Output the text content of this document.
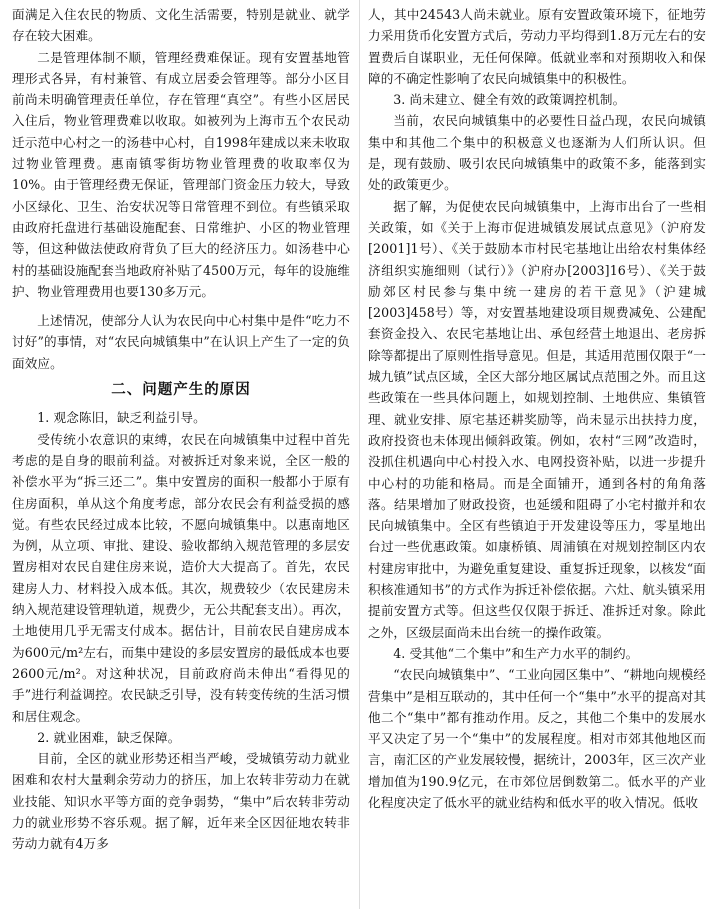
面满足入住农民的物质、文化生活需要，特别是就业、就学存在较大困难。

二是管理体制不顺，管理经费难保证。现有安置基地管理形式各异，有村兼管、有成立居委会管理等。部分小区目前尚未明确管理责任单位，存在管理“真空”。有些小区居民入住后，物业管理费难以收取。如被列为上海市五个农民动迁示范中心村之一的汤巷中心村，自1998年建成以来未收取过物业管理费。惠南镇零街坊物业管理费的收取率仅为10%。由于管理经费无保证，管理部门资金压力较大，导致小区绿化、卫生、治安状况等日常管理不到位。有些镇采取由政府托盘进行基础设施配套、日常维护、小区的物业管理等，但这种做法使政府背负了巨大的经济压力。如汤巷中心村的基础设施配套当地政府补贴了4500万元，每年的设施维护、物业管理费用也要130多万元。

上述情况，使部分人认为农民向中心村集中是件“吃力不讨好”的事情，对“农民向城镇集中”在认识上产生了一定的负面效应。

二、问题产生的原因

1. 观念陈旧，缺乏利益引导。

受传统小农意识的束缚，农民在向城镇集中过程中首先考虑的是自身的眼前利益。对被拆迁对象来说，全区一般的补偿水平为“拆三还二”。集中安置房的面积一般都小于原有住房面积，单从这个角度考虑，部分农民会有利益受损的感觉。有些农民经过成本比较，不愿向城镇集中。以惠南地区为例，从立项、审批、建设、验收都纳入规范管理的多层安置房相对农民自建住房来说，造价大大提高了。首先，农民建房人力、材料投入成本低。其次，规费较少（农民建房未纳入规范建设管理轨道，规费少，无公共配套支出）。再次，土地使用几乎无需支付成本。据估计，目前农民自建房成本为600元/m²左右，而集中建设的多层安置房的最低成本也要2600元/m²。对这种状况，目前政府尚未伸出“看得见的手”进行利益调控。农民缺乏引导，没有转变传统的生活习惯和居住观念。

2. 就业困难，缺乏保障。

目前，全区的就业形势还相当严峻，受城镇劳动力就业困难和农村大量剩余劳动力的挤压，加上农转非劳动力在就业技能、知识水平等方面的竞争弱势，“集中”后农转非劳动力的就业形势不容乐观。据了解，近年来全区因征地农转非劳动力就有4万多

人，其中24543人尚未就业。原有安置政策环境下，征地劳力采用货币化安置方式后，劳动力平均得到1.8万元左右的安置费后自谋职业，无任何保障。低就业率和对预期收入和保障的不确定性影响了农民向城镇集中的积极性。

3. 尚未建立、健全有效的政策调控机制。

当前，农民向城镇集中的必要性日益凸现，农民向城镇集中和其他二个集中的积极意义也逐渐为人们所认识。但是，现有鼓励、吸引农民向城镇集中的政策不多，能落到实处的政策更少。

据了解，为促使农民向城镇集中，上海市出台了一些相关政策，如《关于上海市促进城镇发展试点意见》（沪府发[2001]1号）、《关于鼓励本市村民宅基地让出给农村集体经济组织实施细则（试行）》（沪府办[2003]16号）、《关于鼓励郊区村民参与集中统一建房的若干意见》（沪建城[2003]458号）等，对安置基地建设项目规费减免、公建配套资金投入、农民宅基地让出、承包经营土地退出、老房拆除等都提出了原则性指导意见。但是，其适用范围仅限于“一城九镇”试点区域，全区大部分地区属试点范围之外。而且这些政策在一些具体问题上，如规划控制、土地供应、集镇管理、就业安排、原宅基还耕奖励等，尚未显示出扶持力度，政府投资也未体现出倾斜政策。例如，农村“三网”改造时，没抓住机遇向中心村投入水、电网投资补贴，以进一步提升中心村的功能和格局。而是全面铺开，通到各村的角角落落。结果增加了财政投资，也延缓和阻碍了小宅村撤并和农民向城镇集中。全区有些镇迫于开发建设等压力，零星地出台过一些优惠政策。如康桥镇、周浦镇在对规划控制区内农村建房审批中，为避免重复建设、重复拆迁现象，以核发“面积核准通知书”的方式作为拆迁补偿依据。六灶、航头镇采用提前安置方式等。但这些仅仅限于拆迁、准拆迁对象。除此之外，区级层面尚未出台统一的操作政策。

4. 受其他“二个集中”和生产力水平的制约。

“农民向城镇集中”、“工业向园区集中”、“耕地向规模经营集中”是相互联动的，其中任何一个“集中”水平的提高对其他二个“集中”都有推动作用。反之，其他二个集中的发展水平又决定了另一个“集中”的发展程度。相对市郊其他地区而言，南汇区的产业发展较慢，据统计，2003年，区三次产业增加值为190.9亿元，在市郊位居倒数第二。低水平的产业化程度决定了低水平的就业结构和低水平的收入情况。低收
